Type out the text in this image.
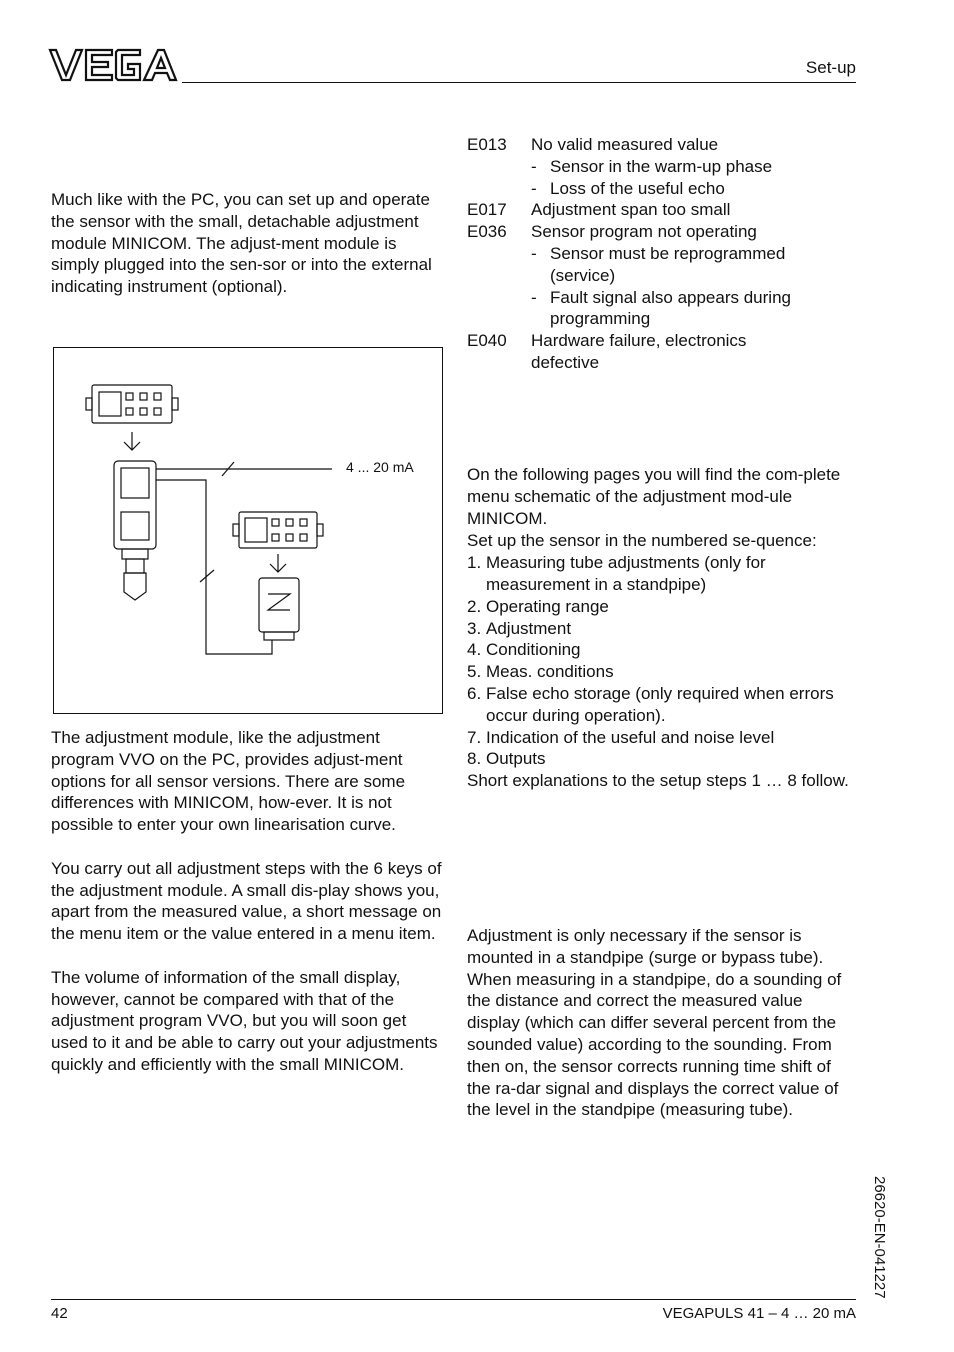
Set-up

Much like with the PC, you can set up and operate the sensor with the small, detachable adjustment module MINICOM. The adjust-ment module is simply plugged into the sen-sor or into the external indicating instrument (optional).

4 ... 20 mA

The adjustment module, like the adjustment program VVO on the PC, provides adjust-ment options for all sensor versions. There are some differences with MINICOM, how-ever. It is not possible to enter your own linearisation curve.

You carry out all adjustment steps with the 6 keys of the adjustment module. A small dis-play shows you, apart from the measured value, a short message on the menu item or the value entered in a menu item.

The volume of information of the small display, however, cannot be compared with that of the adjustment program VVO, but you will soon get used to it and be able to carry out your adjustments quickly and efficiently with the small MINICOM.

E013	No valid measured value
- Sensor in the warm-up phase
- Loss of the useful echo
E017	Adjustment span too small
E036	Sensor program not operating
- Sensor must be reprogrammed (service)
- Fault signal also appears during programming
E040	Hardware failure, electronics defective

On the following pages you will find the com-plete menu schematic of the adjustment mod-ule MINICOM.

Set up the sensor in the numbered se-quence:

1. Measuring tube adjustments (only for measurement in a standpipe)
2. Operating range
3. Adjustment
4. Conditioning
5. Meas. conditions
6. False echo storage (only required when errors occur during operation).
7. Indication of the useful and noise level
8. Outputs

Short explanations to the setup steps 1 … 8 follow.

Adjustment is only necessary if the sensor is mounted in a standpipe (surge or bypass tube). When measuring in a standpipe, do a sounding of the distance and correct the measured value display (which can differ several percent from the sounded value) according to the sounding. From then on, the sensor corrects running time shift of the ra-dar signal and displays the correct value of the level in the standpipe (measuring tube).

26620-EN-041227
42	VEGAPULS 41 – 4 … 20 mA
